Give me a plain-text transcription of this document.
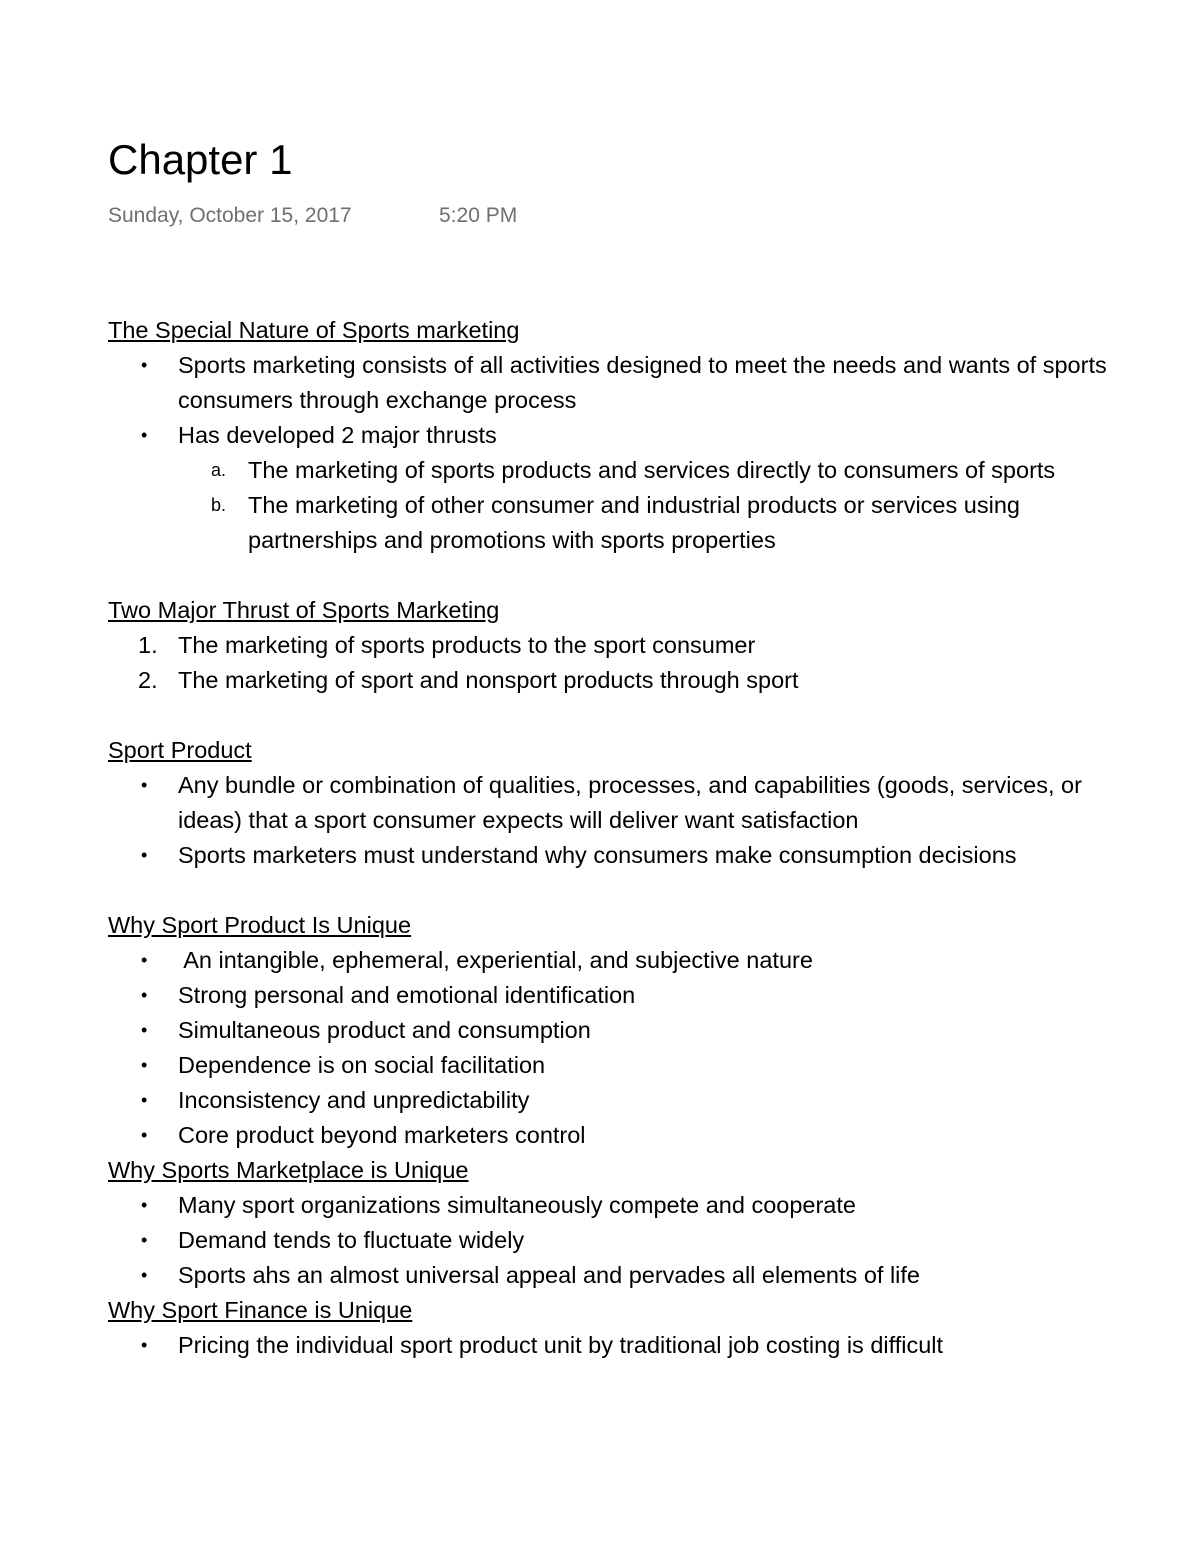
Chapter 1
Sunday, October 15, 2017	5:20 PM

The Special Nature of Sports marketing

• Sports marketing consists of all activities designed to meet the needs and wants of sports consumers through exchange process
• Has developed 2 major thrusts
a. The marketing of sports products and services directly to consumers of sports
b. The marketing of other consumer and industrial products or services using partnerships and promotions with sports properties

Two Major Thrust of Sports Marketing

1. The marketing of sports products to the sport consumer
2. The marketing of sport and nonsport products through sport

Sport Product

• Any bundle or combination of qualities, processes, and capabilities (goods, services, or ideas) that a sport consumer expects will deliver want satisfaction
• Sports marketers must understand why consumers make consumption decisions

Why Sport Product Is Unique

• An intangible, ephemeral, experiential, and subjective nature
• Strong personal and emotional identification
• Simultaneous product and consumption
• Dependence is on social facilitation
• Inconsistency and unpredictability
• Core product beyond marketers control

Why Sports Marketplace is Unique

• Many sport organizations simultaneously compete and cooperate
• Demand tends to fluctuate widely
• Sports ahs an almost universal appeal and pervades all elements of life

Why Sport Finance is Unique

• Pricing the individual sport product unit by traditional job costing is difficult
